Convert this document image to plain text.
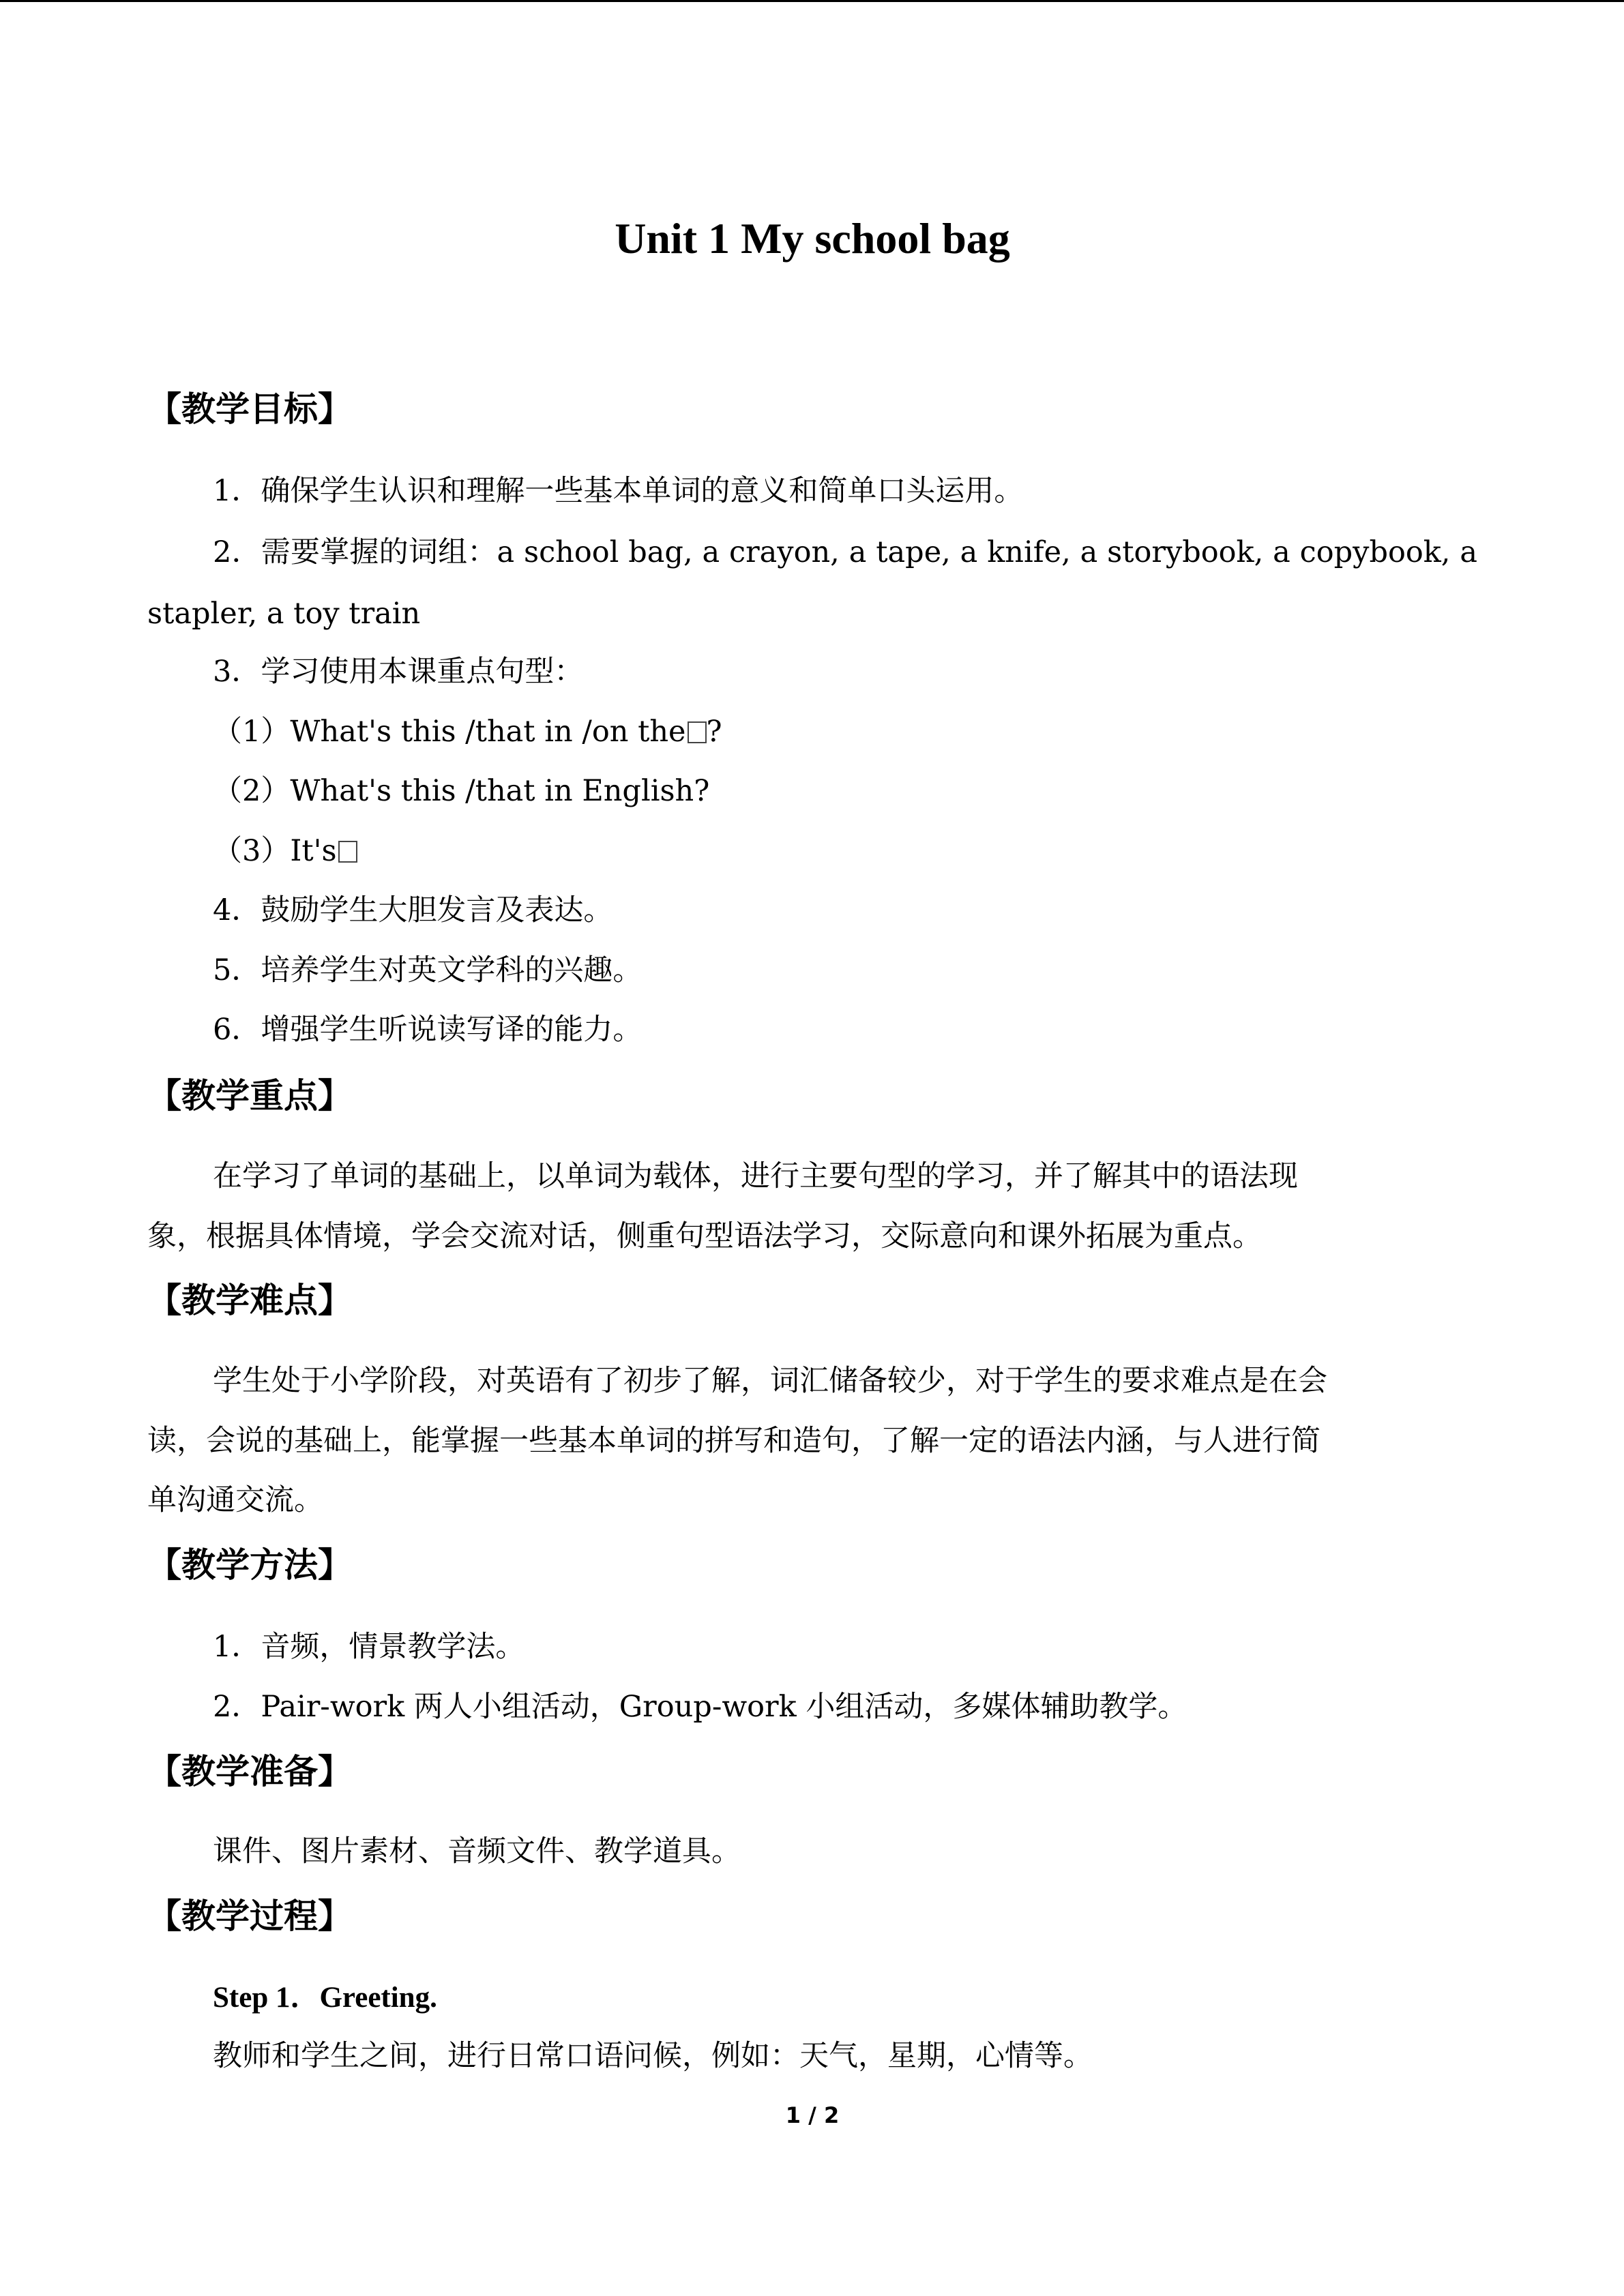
Unit 1 My school bag
【教学目标】
1．确保学生认识和理解一些基本单词的意义和简单口头运用。
2．需要掌握的词组：a school bag, a crayon, a tape, a knife, a storybook, a copybook, a
stapler, a toy train
3．学习使用本课重点句型：
（1）What's this /that in /on the ?
（2）What's this /that in English?
（3）It's
4．鼓励学生大胆发言及表达。
5．培养学生对英文学科的兴趣。
6．增强学生听说读写译的能力。
【教学重点】
在学习了单词的基础上，以单词为载体，进行主要句型的学习，并了解其中的语法现
象，根据具体情境，学会交流对话，侧重句型语法学习，交际意向和课外拓展为重点。
【教学难点】
学生处于小学阶段，对英语有了初步了解，词汇储备较少，对于学生的要求难点是在会
读，会说的基础上，能掌握一些基本单词的拼写和造句，了解一定的语法内涵，与人进行简
单沟通交流。
【教学方法】
1．音频，情景教学法。
2．Pair-work 两人小组活动，Group-work 小组活动，多媒体辅助教学。
【教学准备】
课件、图片素材、音频文件、教学道具。
【教学过程】
Step 1．Greeting.
教师和学生之间，进行日常口语问候，例如：天气，星期，心情等。
1 / 2
